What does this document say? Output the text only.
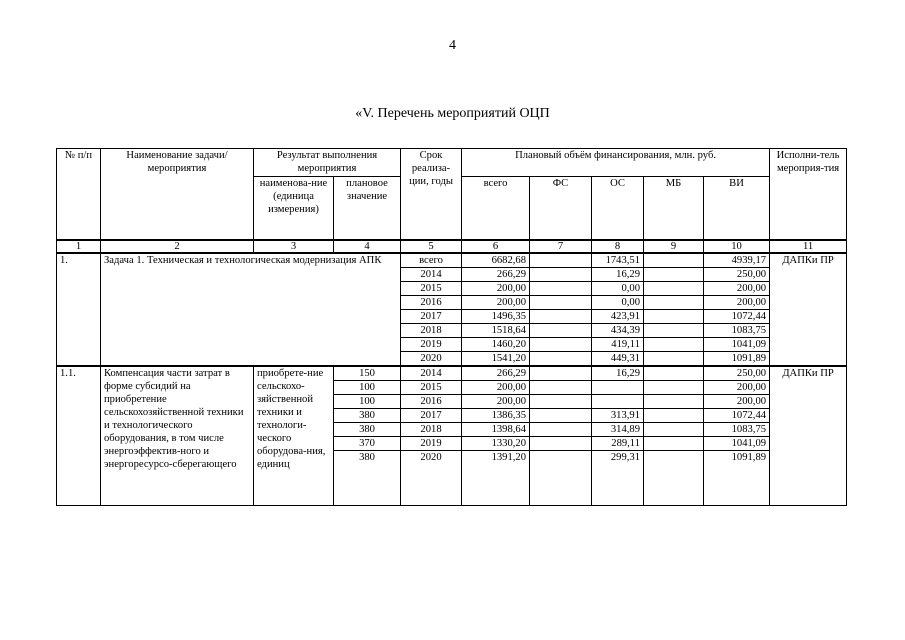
4
«V. Перечень мероприятий ОЦП
№ п/п	Наименование задачи/мероприятия	Результат выполнения мероприятия		Срок реализа-ции, годы	Плановый объём финансирования, млн. руб.					Исполни-тель мероприя-тия
		наименова-ние (единица измерения)	плановое значение		всего	ФС	ОС	МБ	ВИ	
1	2	3	4	5	6	7	8	9	10	11
1.	Задача 1. Техническая и технологическая модернизация АПК			всего	6682,68		1743,51		4939,17	ДАПКи ПР
				2014	266,29		16,29		250,00	
				2015	200,00		0,00		200,00	
				2016	200,00		0,00		200,00	
				2017	1496,35		423,91		1072,44	
				2018	1518,64		434,39		1083,75	
				2019	1460,20		419,11		1041,09	
				2020	1541,20		449,31		1091,89	
1.1.	Компенсация части затрат в форме субсидий на приобретение сельскохозяйственной техники и технологического оборудования, в том числе энергоэффектив-ного и энергоресурсо-сберегающего	приобрете-ние сельскохо-зяйственной техники и технологи-ческого оборудова-ния, единиц	150	2014	266,29		16,29		250,00	ДАПКи ПР
			100	2015	200,00				200,00	
			100	2016	200,00				200,00	
			380	2017	1386,35		313,91		1072,44	
			380	2018	1398,64		314,89		1083,75	
			370	2019	1330,20		289,11		1041,09	
			380	2020	1391,20		299,31		1091,89	
